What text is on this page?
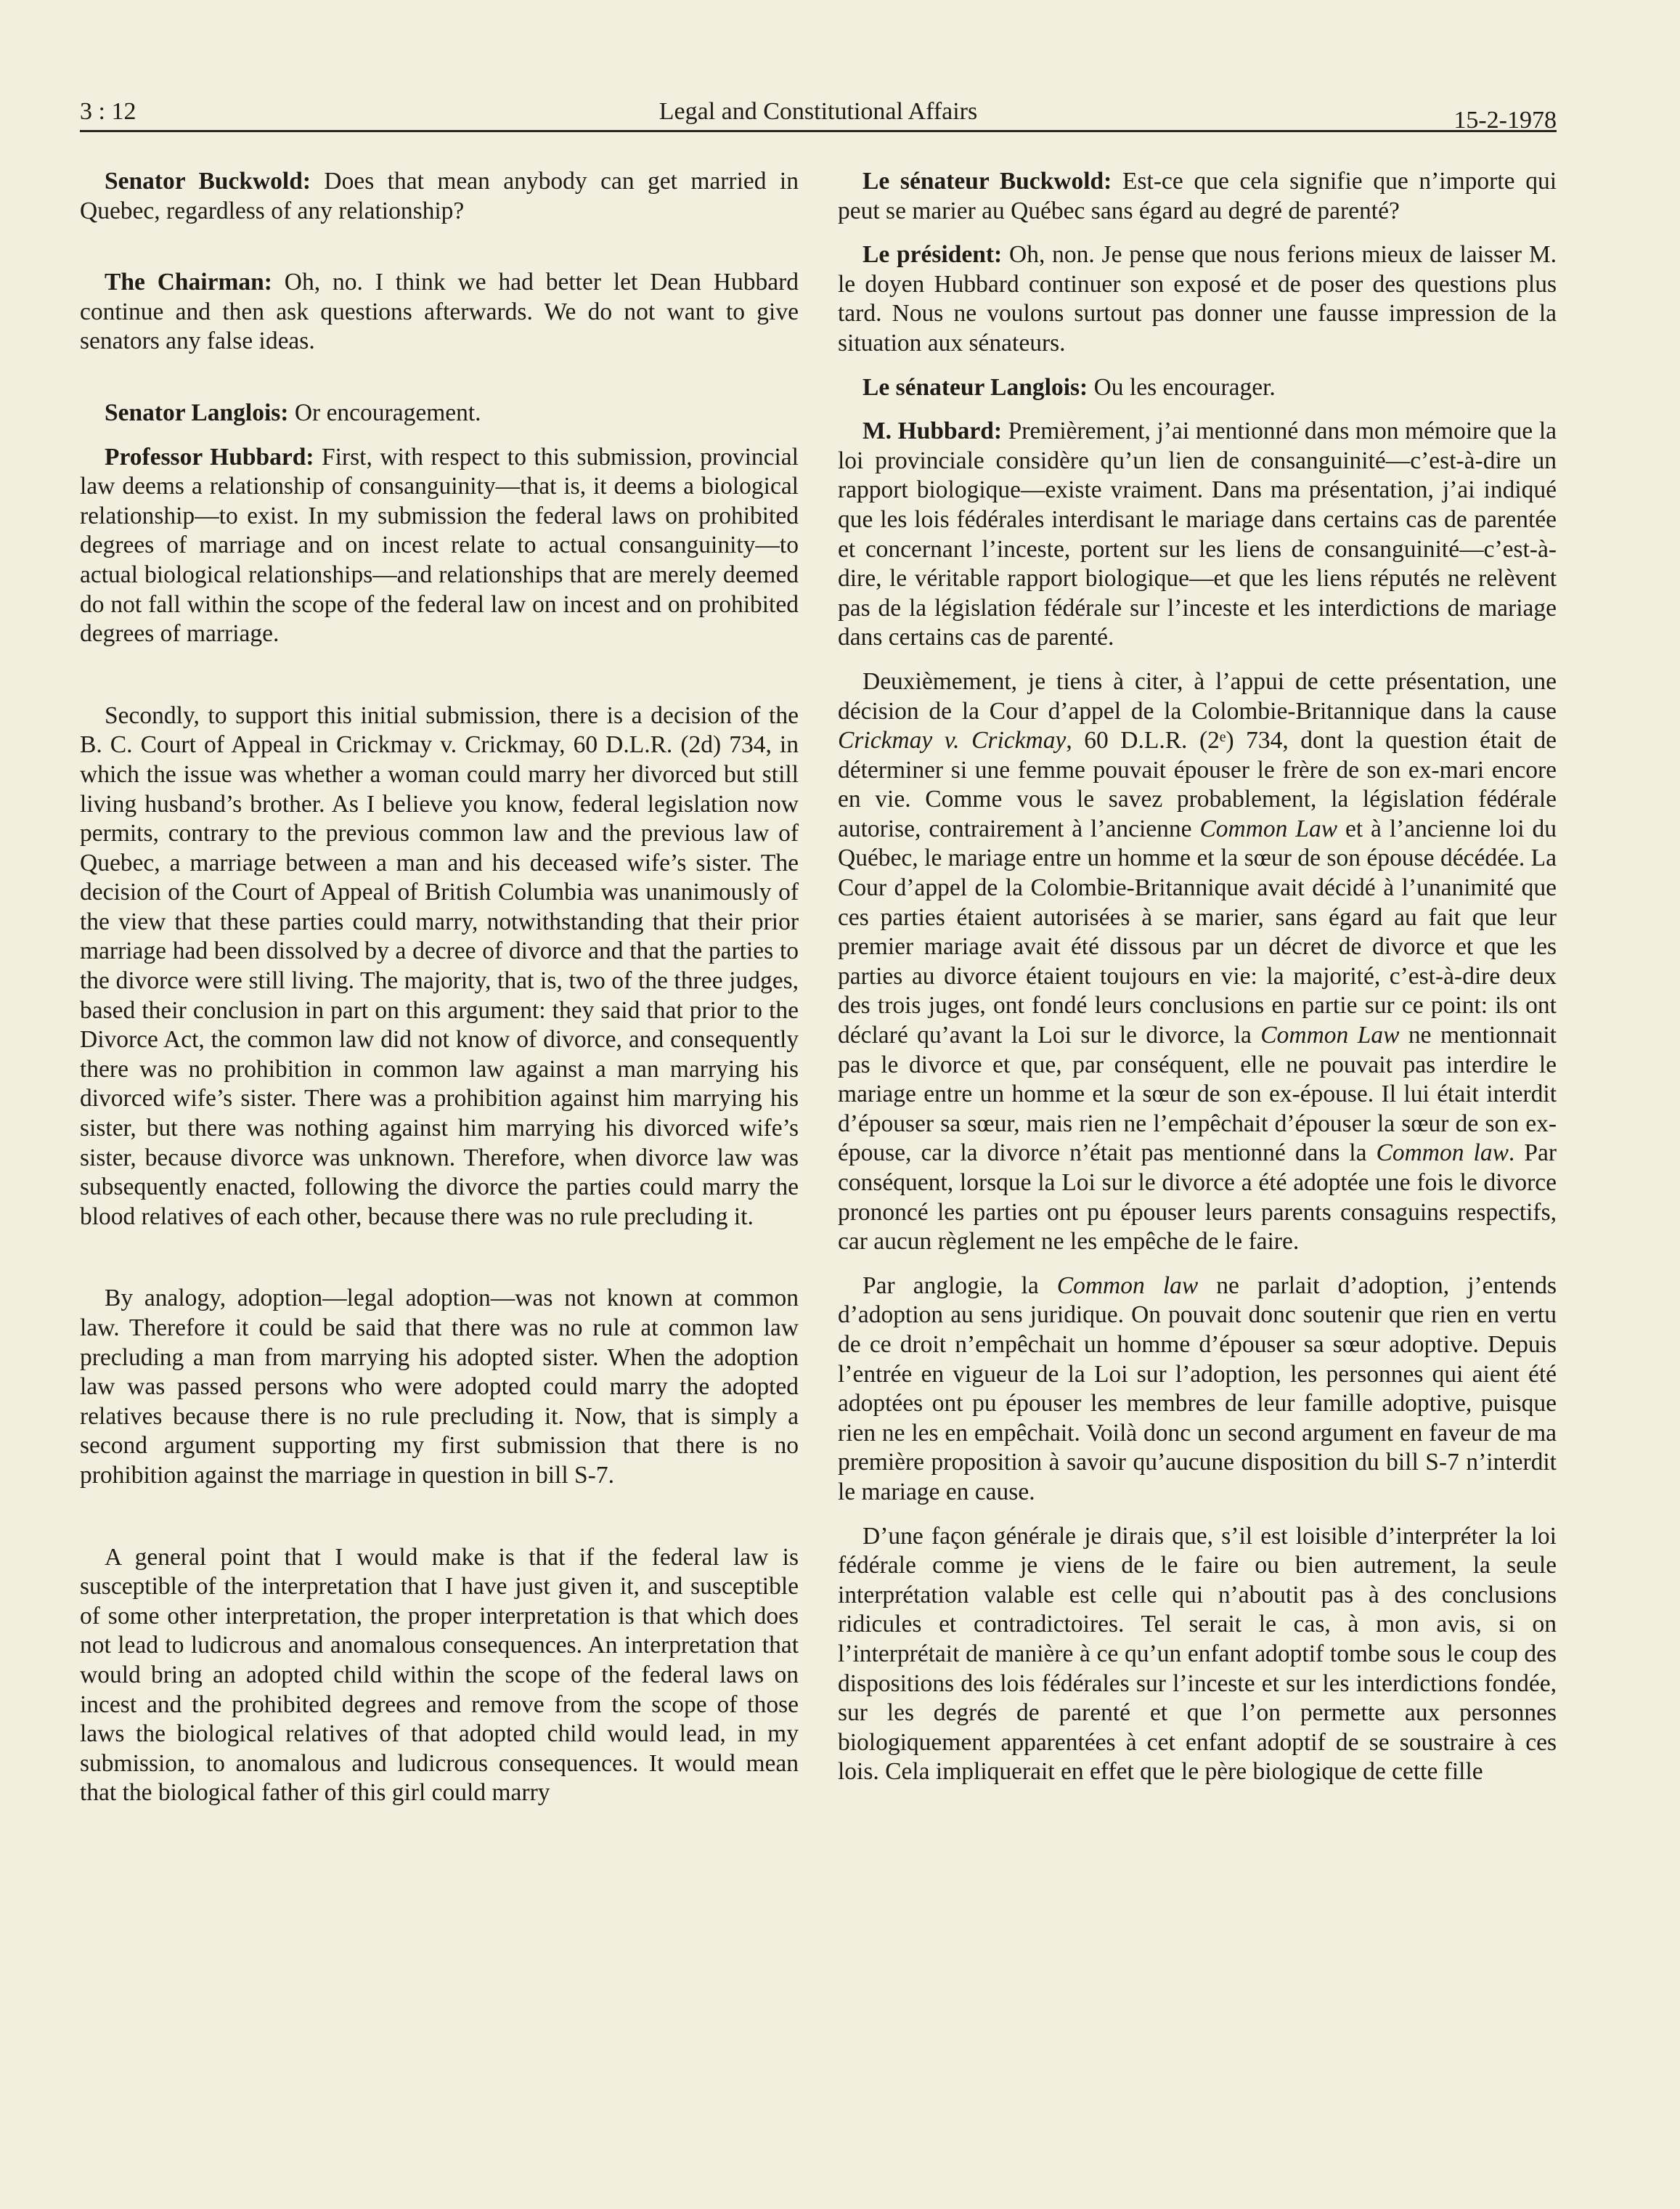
3 : 12	Legal and Constitutional Affairs	15-2-1978

Senator Buckwold: Does that mean anybody can get married in Quebec, regardless of any relationship?

The Chairman: Oh, no. I think we had better let Dean Hubbard continue and then ask questions afterwards. We do not want to give senators any false ideas.

Senator Langlois: Or encouragement.

Professor Hubbard: First, with respect to this submission, provincial law deems a relationship of consanguinity—that is, it deems a biological relationship—to exist. In my submission the federal laws on prohibited degrees of marriage and on incest relate to actual consanguinity—to actual biological relationships—and relationships that are merely deemed do not fall within the scope of the federal law on incest and on prohibited degrees of marriage.

Secondly, to support this initial submission, there is a decision of the B. C. Court of Appeal in Crickmay v. Crickmay, 60 D.L.R. (2d) 734, in which the issue was whether a woman could marry her divorced but still living husband’s brother. As I believe you know, federal legislation now permits, contrary to the previous common law and the previous law of Quebec, a marriage between a man and his deceased wife’s sister. The decision of the Court of Appeal of British Columbia was unanimously of the view that these parties could marry, notwithstanding that their prior marriage had been dissolved by a decree of divorce and that the parties to the divorce were still living. The majority, that is, two of the three judges, based their conclusion in part on this argument: they said that prior to the Divorce Act, the common law did not know of divorce, and consequently there was no prohibition in common law against a man marrying his divorced wife’s sister. There was a prohibition against him marrying his sister, but there was nothing against him marrying his divorced wife’s sister, because divorce was unknown. Therefore, when divorce law was subsequently enacted, following the divorce the parties could marry the blood relatives of each other, because there was no rule precluding it.

By analogy, adoption—legal adoption—was not known at common law. Therefore it could be said that there was no rule at common law precluding a man from marrying his adopted sister. When the adoption law was passed persons who were adopted could marry the adopted relatives because there is no rule precluding it. Now, that is simply a second argument supporting my first submission that there is no prohibition against the marriage in question in bill S-7.

A general point that I would make is that if the federal law is susceptible of the interpretation that I have just given it, and susceptible of some other interpretation, the proper interpretation is that which does not lead to ludicrous and anomalous consequences. An interpretation that would bring an adopted child within the scope of the federal laws on incest and the prohibited degrees and remove from the scope of those laws the biological relatives of that adopted child would lead, in my submission, to anomalous and ludicrous consequences. It would mean that the biological father of this girl could marry

Le sénateur Buckwold: Est-ce que cela signifie que n’importe qui peut se marier au Québec sans égard au degré de parenté?

Le président: Oh, non. Je pense que nous ferions mieux de laisser M. le doyen Hubbard continuer son exposé et de poser des questions plus tard. Nous ne voulons surtout pas donner une fausse impression de la situation aux sénateurs.

Le sénateur Langlois: Ou les encourager.

M. Hubbard: Premièrement, j’ai mentionné dans mon mémoire que la loi provinciale considère qu’un lien de consanguinité—c’est-à-dire un rapport biologique—existe vraiment. Dans ma présentation, j’ai indiqué que les lois fédérales interdisant le mariage dans certains cas de parentée et concernant l’inceste, portent sur les liens de consanguinité—c’est-à-dire, le véritable rapport biologique—et que les liens réputés ne relèvent pas de la législation fédérale sur l’inceste et les interdictions de mariage dans certains cas de parenté.

Deuxièmement, je tiens à citer, à l’appui de cette présentation, une décision de la Cour d’appel de la Colombie-Britannique dans la cause Crickmay v. Crickmay, 60 D.L.R. (2ᵉ) 734, dont la question était de déterminer si une femme pouvait épouser le frère de son ex-mari encore en vie. Comme vous le savez probablement, la législation fédérale autorise, contrairement à l’ancienne Common Law et à l’ancienne loi du Québec, le mariage entre un homme et la sœur de son épouse décédée. La Cour d’appel de la Colombie-Britannique avait décidé à l’unanimité que ces parties étaient autorisées à se marier, sans égard au fait que leur premier mariage avait été dissous par un décret de divorce et que les parties au divorce étaient toujours en vie: la majorité, c’est-à-dire deux des trois juges, ont fondé leurs conclusions en partie sur ce point: ils ont déclaré qu’avant la Loi sur le divorce, la Common Law ne mentionnait pas le divorce et que, par conséquent, elle ne pouvait pas interdire le mariage entre un homme et la sœur de son ex-épouse. Il lui était interdit d’épouser sa sœur, mais rien ne l’empêchait d’épouser la sœur de son ex-épouse, car la divorce n’était pas mentionné dans la Common law. Par conséquent, lorsque la Loi sur le divorce a été adoptée une fois le divorce prononcé les parties ont pu épouser leurs parents consaguins respectifs, car aucun règlement ne les empêche de le faire.

Par anglogie, la Common law ne parlait d’adoption, j’entends d’adoption au sens juridique. On pouvait donc soutenir que rien en vertu de ce droit n’empêchait un homme d’épouser sa sœur adoptive. Depuis l’entrée en vigueur de la Loi sur l’adoption, les personnes qui aient été adoptées ont pu épouser les membres de leur famille adoptive, puisque rien ne les en empêchait. Voilà donc un second argument en faveur de ma première proposition à savoir qu’aucune disposition du bill S-7 n’interdit le mariage en cause.

D’une façon générale je dirais que, s’il est loisible d’interpréter la loi fédérale comme je viens de le faire ou bien autrement, la seule interprétation valable est celle qui n’aboutit pas à des conclusions ridicules et contradictoires. Tel serait le cas, à mon avis, si on l’interprétait de manière à ce qu’un enfant adoptif tombe sous le coup des dispositions des lois fédérales sur l’inceste et sur les interdictions fondée, sur les degrés de parenté et que l’on permette aux personnes biologiquement apparentées à cet enfant adoptif de se soustraire à ces lois. Cela impliquerait en effet que le père biologique de cette fille
